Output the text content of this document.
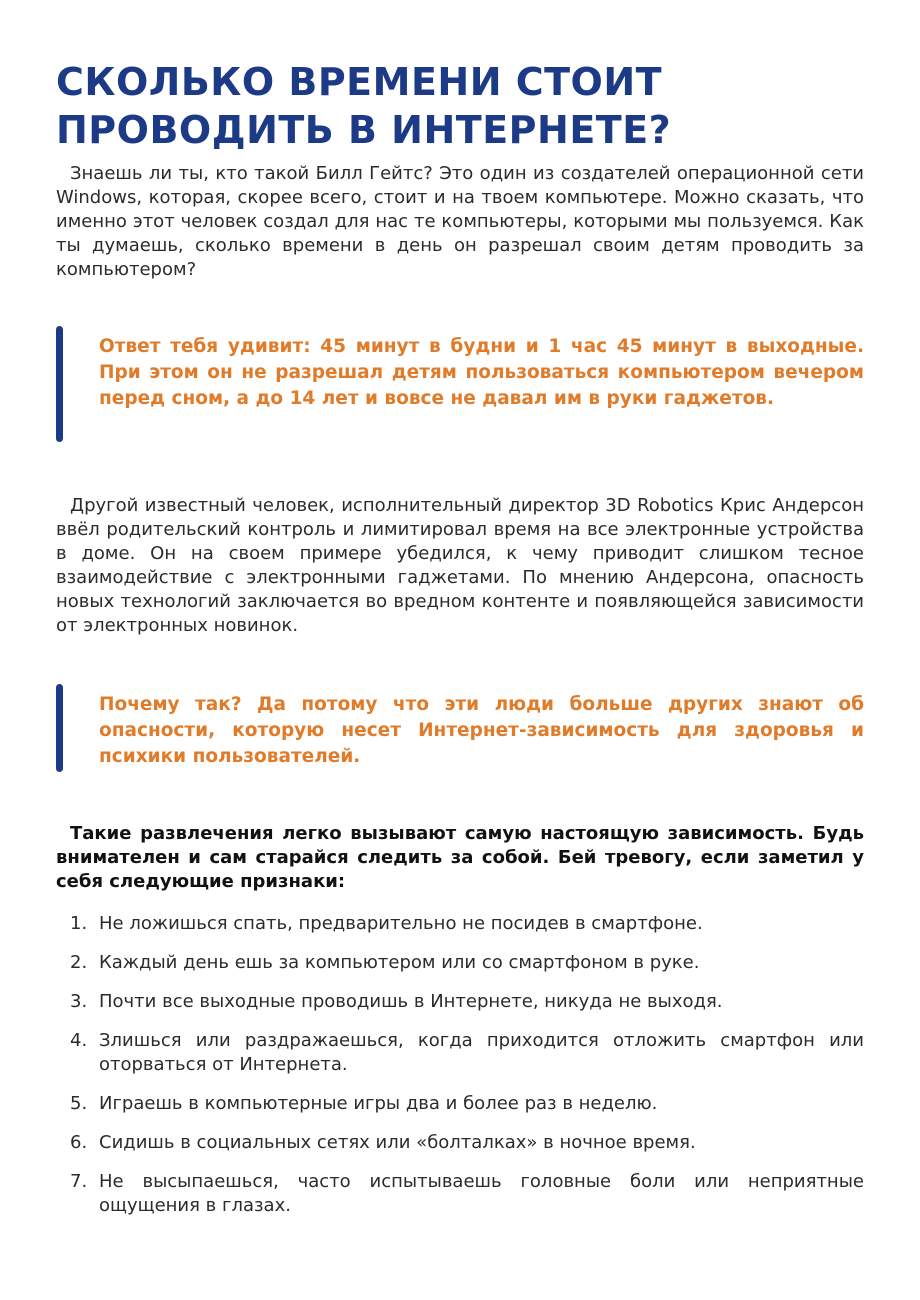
СКОЛЬКО ВРЕМЕНИ СТОИТ
ПРОВОДИТЬ В ИНТЕРНЕТЕ?

Знаешь ли ты, кто такой Билл Гейтс? Это один из создателей операционной сети Windows, которая, скорее всего, стоит и на твоем компьютере. Можно сказать, что именно этот человек создал для нас те компьютеры, которыми мы пользуемся. Как ты думаешь, сколько времени в день он разрешал своим детям проводить за компьютером?

Ответ тебя удивит: 45 минут в будни и 1 час 45 минут в выходные. При этом он не разрешал детям пользоваться компьютером вечером перед сном, а до 14 лет и вовсе не давал им в руки гаджетов.

Другой известный человек, исполнительный директор 3D Robotics Крис Андерсон ввёл родительский контроль и лимитировал время на все электронные устройства в доме. Он на своем примере убедился, к чему приводит слишком тесное взаимодействие с электронными гаджетами. По мнению Андерсона, опасность новых технологий заключается во вредном контенте и появляющейся зависимости от электронных новинок.

Почему так? Да потому что эти люди больше других знают об опасности, которую несет Интернет-зависимость для здоровья и психики пользователей.

Такие развлечения легко вызывают самую настоящую зависимость. Будь внимателен и сам старайся следить за собой. Бей тревогу, если заметил у себя следующие признаки:

1. Не ложишься спать, предварительно не посидев в смартфоне.
2. Каждый день ешь за компьютером или со смартфоном в руке.
3. Почти все выходные проводишь в Интернете, никуда не выходя.
4. Злишься или раздражаешься, когда приходится отложить смартфон или оторваться от Интернета.
5. Играешь в компьютерные игры два и более раз в неделю.
6. Сидишь в социальных сетях или «болталках» в ночное время.
7. Не высыпаешься, часто испытываешь головные боли или неприятные ощущения в глазах.
